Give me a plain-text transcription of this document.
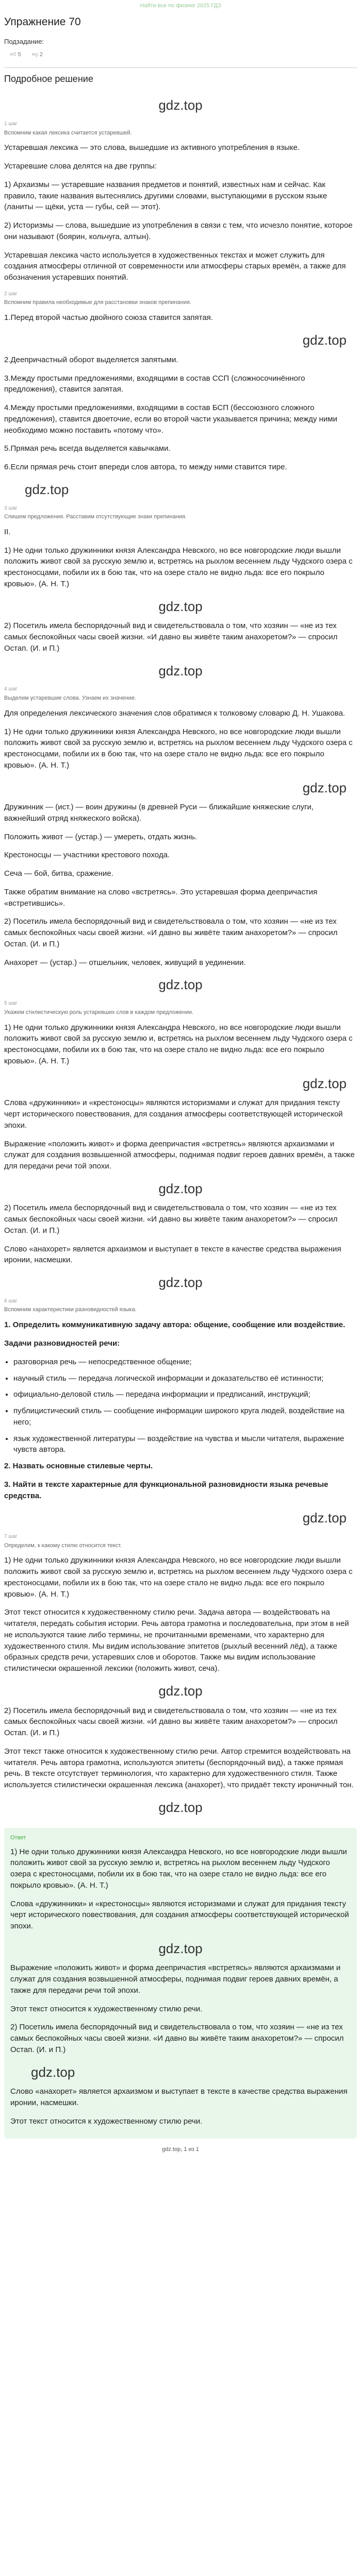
Найти все по физике 2025 ГДЗ
Упражнение 70
Подзадание:
👍︎ 5 👎︎ 2
Подробное решение
gdz.top
1 шаг
Вспомним какая лексика считается устаревшей.

Устаревшая лексика — это слова, вышедшие из активного употребления в языке.

Устаревшие слова делятся на две группы:

1) Архаизмы — устаревшие названия предметов и понятий, известных нам и сейчас. Как правило, такие названия вытеснялись другими словами, выступающими в русском языке (ланиты — щёки, уста — губы, сей — этот).

2) Историзмы — слова, вышедшие из употребления в связи с тем, что исчезло понятие, которое они называют (боярин, кольчуга, алтын).

Устаревшая лексика часто используется в художественных текстах и может служить для создания атмосферы отличной от современности или атмосферы старых времён, а также для обозначения устаревших понятий.

2 шаг
Вспомним правила необходимые для расстановки знаков препинания.

1.Перед второй частью двойного союза ставится запятая.

gdz.top

2.Деепричастный оборот выделяется запятыми.

3.Между простыми предложениями, входящими в состав ССП (сложносочинённого предложения), ставится запятая.

4.Между простыми предложениями, входящими в состав БСП (бессоюзного сложного предложения), ставится двоеточие, если во второй части указывается причина; между ними необходимо можно поставить «потому что».

5.Прямая речь всегда выделяется кавычками.

6.Если прямая речь стоит впереди слов автора, то между ними ставится тире.

gdz.top
3 шаг
Спишем предложения. Расставим отсутствующие знаки препинания.

II.

1) Не одни только дружинники князя Александра Невского, но все новгородские люди вышли положить живот свой за русскую землю и, встретясь на рыхлом весеннем льду Чудского озера с крестоносцами, побили их в бою так, что на озере стало не видно льда: все его покрыло кровью». (А. Н. Т.)

gdz.top

2) Посетиль имела беспорядочный вид и свидетельствовала о том, что хозяин — «не из тех самых беспокойных часы своей жизни. «И давно вы живёте таким анахоретом?» — спросил Остап. (И. и П.)

gdz.top
4 шаг
Выделим устаревшие слова. Узнаем их значение.

Для определения лексического значения слов обратимся к толковому словарю Д. Н. Ушакова.

1) Не одни только дружинники князя Александра Невского, но все новгородские люди вышли положить живот свой за русскую землю и, встретясь на рыхлом весеннем льду Чудского озера с крестоносцами, побили их в бою так, что на озере стало не видно льда: все его покрыло кровью». (А. Н. Т.)

gdz.top

Дружинник — (ист.) — воин дружины (в древней Руси — ближайшие княжеские слуги, важнейший отряд княжеского войска).

Положить живот — (устар.) — умереть, отдать жизнь.

Крестоносцы — участники крестового похода.

Сеча — бой, битва, сражение.

Также обратим внимание на слово «встретясь». Это устаревшая форма деепричастия «встретившись».

2) Посетиль имела беспорядочный вид и свидетельствовала о том, что хозяин — «не из тех самых беспокойных часы своей жизни. «И давно вы живёте таким анахоретом?» — спросил Остап. (И. и П.)

Анахорет — (устар.) — отшельник, человек, живущий в уединении.

gdz.top
5 шаг
Укажем стилистическую роль устаревших слов в каждом предложении.

1) Не одни только дружинники князя Александра Невского, но все новгородские люди вышли положить живот свой за русскую землю и, встретясь на рыхлом весеннем льду Чудского озера с крестоносцами, побили их в бою так, что на озере стало не видно льда: все его покрыло кровью». (А. Н. Т.)

gdz.top

Слова «дружинники» и «крестоносцы» являются историзмами и служат для придания тексту черт исторического повествования, для создания атмосферы соответствующей исторической эпохи.

Выражение «положить живот» и форма деепричастия «встретясь» являются архаизмами и служат для создания возвышенной атмосферы, поднимая подвиг героев давних времён, а также для передачи речи той эпохи.

gdz.top

2) Посетиль имела беспорядочный вид и свидетельствовала о том, что хозяин — «не из тех самых беспокойных часы своей жизни. «И давно вы живёте таким анахоретом?» — спросил Остап. (И. и П.)

Слово «анахорет» является архаизмом и выступает в тексте в качестве средства выражения иронии, насмешки.

gdz.top
6 шаг
Вспомним характеристики разновидностей языка.

1. Определить коммуникативную задачу автора: общение, сообщение или воздействие.

Задачи разновидностей речи:

• разговорная речь — непосредственное общение;
• научный стиль — передача логической информации и доказательство её истинности;
• официально-деловой стиль — передача информации и предписаний, инструкций;
• публицистический стиль — сообщение информации широкого круга людей, воздействие на него;
• язык художественной литературы — воздействие на чувства и мысли читателя, выражение чувств автора.

2. Назвать основные стилевые черты.

3. Найти в тексте характерные для функциональной разновидности языка речевые средства.

gdz.top
7 шаг
Определим, к какому стилю относится текст.

1) Не одни только дружинники князя Александра Невского, но все новгородские люди вышли положить живот свой за русскую землю и, встретясь на рыхлом весеннем льду Чудского озера с крестоносцами, побили их в бою так, что на озере стало не видно льда: все его покрыло кровью». (А. Н. Т.)

Этот текст относится к художественному стилю речи. Задача автора — воздействовать на читателя, передать события истории. Речь автора грамотна и последовательна, при этом в ней не используются такие либо термины, не прочитанными временами, что характерно для художественного стиля. Мы видим использование эпитетов (рыхлый весенний лёд), а также образных средств речи, устаревших слов и оборотов. Также мы видим использование стилистически окрашенной лексики (положить живот, сеча).

gdz.top

2) Посетиль имела беспорядочный вид и свидетельствовала о том, что хозяин — «не из тех самых беспокойных часы своей жизни. «И давно вы живёте таким анахоретом?» — спросил Остап. (И. и П.)

Этот текст также относится к художественному стилю речи. Автор стремится воздействовать на читателя. Речь автора грамотна, используются эпитеты (беспорядочный вид), а также прямая речь. В тексте отсутствует терминология, что характерно для художественного стиля. Также используется стилистически окрашенная лексика (анахорет), что придаёт тексту ироничный тон.

gdz.top
Ответ

1) Не одни только дружинники князя Александра Невского, но все новгородские люди вышли положить живот свой за русскую землю и, встретясь на рыхлом весеннем льду Чудского озера с крестоносцами, побили их в бою так, что на озере стало не видно льда: все его покрыло кровью». (А. Н. Т.)

Слова «дружинники» и «крестоносцы» являются историзмами и служат для придания тексту черт исторического повествования, для создания атмосферы соответствующей исторической эпохи.

gdz.top

Выражение «положить живот» и форма деепричастия «встретясь» являются архаизмами и служат для создания возвышенной атмосферы, поднимая подвиг героев давних времён, а также для передачи речи той эпохи.

Этот текст относится к художественному стилю речи.

2) Посетиль имела беспорядочный вид и свидетельствовала о том, что хозяин — «не из тех самых беспокойных часы своей жизни. «И давно вы живёте таким анахоретом?» — спросил Остап. (И. и П.)

gdz.top

Слово «анахорет» является архаизмом и выступает в тексте в качестве средства выражения иронии, насмешки.

Этот текст относится к художественному стилю речи.

gdz.top, 1 из 1
